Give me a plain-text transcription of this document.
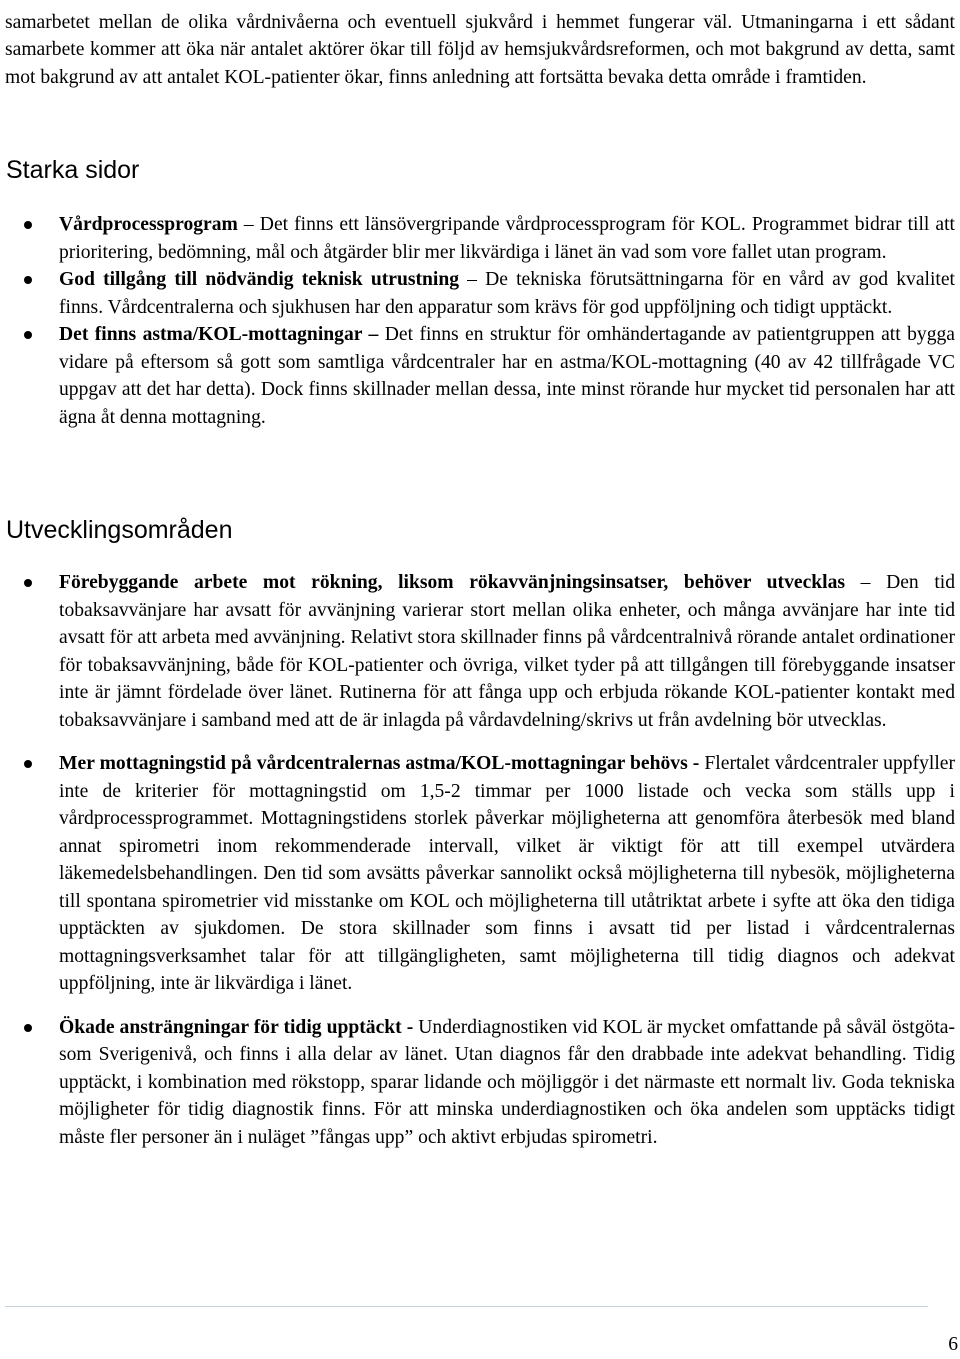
samarbetet mellan de olika vårdnivåerna och eventuell sjukvård i hemmet fungerar väl. Utmaningarna i ett sådant samarbete kommer att öka när antalet aktörer ökar till följd av hemsjukvårdsreformen, och mot bakgrund av detta, samt mot bakgrund av att antalet KOL-patienter ökar, finns anledning att fortsätta bevaka detta område i framtiden.

Starka sidor
Vårdprocessprogram – Det finns ett länsövergripande vårdprocessprogram för KOL. Programmet bidrar till att prioritering, bedömning, mål och åtgärder blir mer likvärdiga i länet än vad som vore fallet utan program.
God tillgång till nödvändig teknisk utrustning – De tekniska förutsättningarna för en vård av god kvalitet finns. Vårdcentralerna och sjukhusen har den apparatur som krävs för god uppföljning och tidigt upptäckt.
Det finns astma/KOL-mottagningar – Det finns en struktur för omhändertagande av patientgruppen att bygga vidare på eftersom så gott som samtliga vårdcentraler har en astma/KOL-mottagning (40 av 42 tillfrågade VC uppgav att det har detta). Dock finns skillnader mellan dessa, inte minst rörande hur mycket tid personalen har att ägna åt denna mottagning.
Utvecklingsområden
Förebyggande arbete mot rökning, liksom rökavvänjningsinsatser, behöver utvecklas – Den tid tobaksavvänjare har avsatt för avvänjning varierar stort mellan olika enheter, och många avvänjare har inte tid avsatt för att arbeta med avvänjning. Relativt stora skillnader finns på vårdcentralnivå rörande antalet ordinationer för tobaksavvänjning, både för KOL-patienter och övriga, vilket tyder på att tillgången till förebyggande insatser inte är jämnt fördelade över länet. Rutinerna för att fånga upp och erbjuda rökande KOL-patienter kontakt med tobaksavvänjare i samband med att de är inlagda på vårdavdelning/skrivs ut från avdelning bör utvecklas.
Mer mottagningstid på vårdcentralernas astma/KOL-mottagningar behövs - Flertalet vårdcentraler uppfyller inte de kriterier för mottagningstid om 1,5-2 timmar per 1000 listade och vecka som ställs upp i vårdprocessprogrammet. Mottagningstidens storlek påverkar möjligheterna att genomföra återbesök med bland annat spirometri inom rekommenderade intervall, vilket är viktigt för att till exempel utvärdera läkemedelsbehandlingen. Den tid som avsätts påverkar sannolikt också möjligheterna till nybesök, möjligheterna till spontana spirometrier vid misstanke om KOL och möjligheterna till utåtriktat arbete i syfte att öka den tidiga upptäckten av sjukdomen. De stora skillnader som finns i avsatt tid per listad i vårdcentralernas mottagningsverksamhet talar för att tillgängligheten, samt möjligheterna till tidig diagnos och adekvat uppföljning, inte är likvärdiga i länet.
Ökade ansträngningar för tidig upptäckt - Underdiagnostiken vid KOL är mycket omfattande på såväl östgöta- som Sverigenivå, och finns i alla delar av länet. Utan diagnos får den drabbade inte adekvat behandling. Tidig upptäckt, i kombination med rökstopp, sparar lidande och möjliggör i det närmaste ett normalt liv. Goda tekniska möjligheter för tidig diagnostik finns. För att minska underdiagnostiken och öka andelen som upptäcks tidigt måste fler personer än i nuläget ”fångas upp” och aktivt erbjudas spirometri.
6
